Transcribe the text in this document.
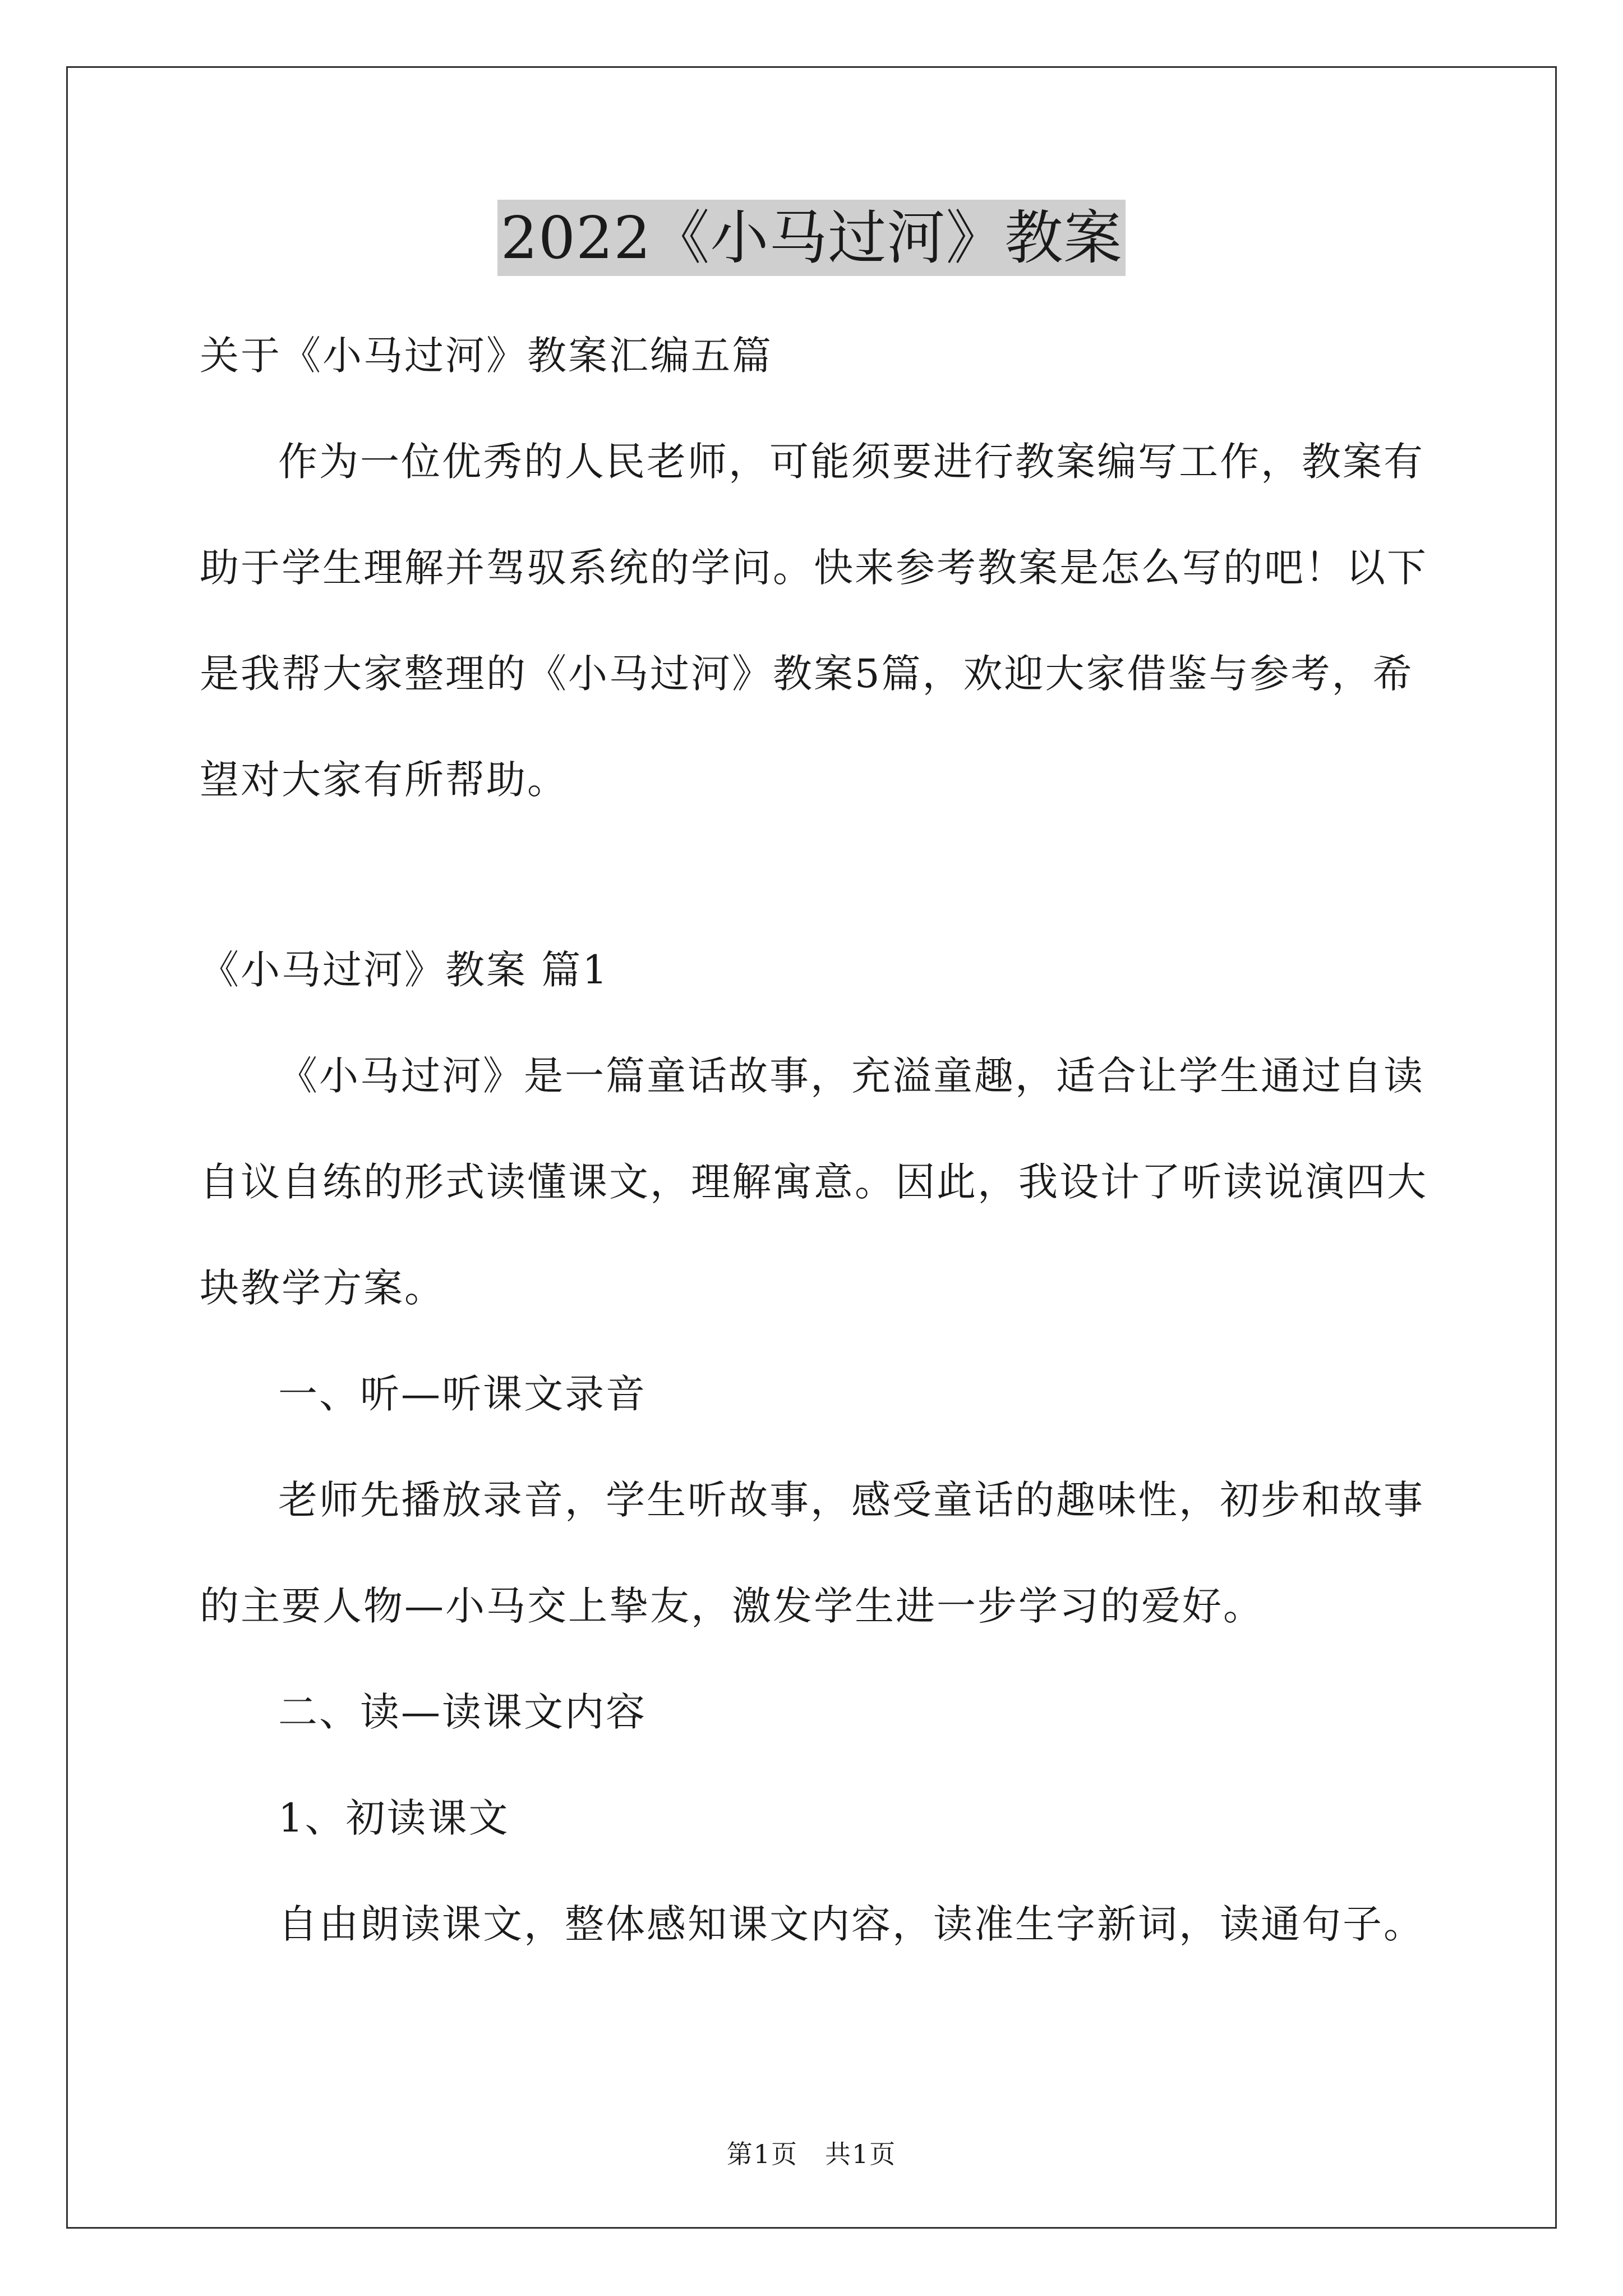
2022《小马过河》教案

关于《小马过河》教案汇编五篇

作为一位优秀的人民老师，可能须要进行教案编写工作，教案有助于学生理解并驾驭系统的学问。快来参考教案是怎么写的吧！以下是我帮大家整理的《小马过河》教案5篇，欢迎大家借鉴与参考，希望对大家有所帮助。

《小马过河》教案 篇1

《小马过河》是一篇童话故事，充溢童趣，适合让学生通过自读自议自练的形式读懂课文，理解寓意。因此，我设计了听读说演四大块教学方案。

一、听—听课文录音

老师先播放录音，学生听故事，感受童话的趣味性，初步和故事的主要人物—小马交上挚友，激发学生进一步学习的爱好。

二、读—读课文内容

1、初读课文

自由朗读课文，整体感知课文内容，读准生字新词，读通句子。

第1页　共1页
